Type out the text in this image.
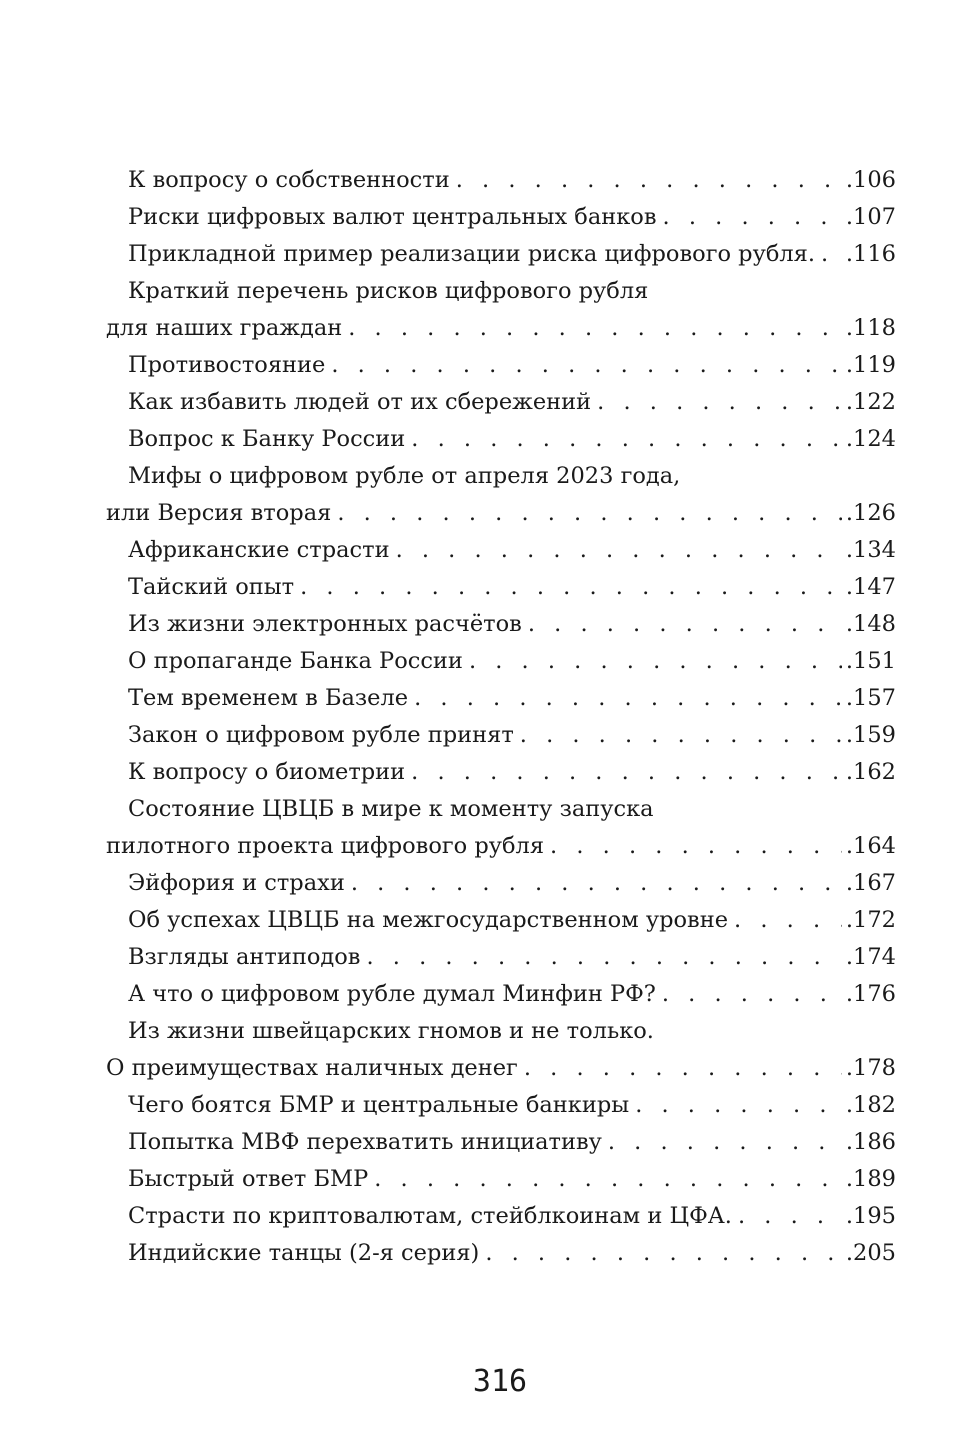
К вопросу о собственности . . .	.106
Риски цифровых валют центральных банков . . .	.107
Прикладной пример реализации риска цифрового рубля. . . . .116
Краткий перечень рисков цифрового рубля
для наших граждан . . .	.118
Противостояние . . .	.119
Как избавить людей от их сбережений . . .	.122
Вопрос к Банку России . . .	.124
Мифы о цифровом рубле от апреля 2023 года,
или Версия вторая . . .	.126
Африканские страсти . . .	.134
Тайский опыт . . .	.147
Из жизни электронных расчётов . . .	.148
О пропаганде Банка России . . .	.151
Тем временем в Базеле . . .	.157
Закон о цифровом рубле принят . . .	.159
К вопросу о биометрии . . .	.162
Состояние ЦВЦБ в мире к моменту запуска
пилотного проекта цифрового рубля . . .	.164
Эйфория и страхи . . .	.167
Об успехах ЦВЦБ на межгосударственном уровне . . .	.172
Взгляды антиподов . . .	.174
А что о цифровом рубле думал Минфин РФ? . . .	.176
Из жизни швейцарских гномов и не только.
О преимуществах наличных денег . . .	.178
Чего боятся БМР и центральные банкиры . . .	.182
Попытка МВФ перехватить инициативу . . .	.186
Быстрый ответ БМР . . .	.189
Страсти по криптовалютам, стейблкоинам и ЦФА. . . .	.195
Индийские танцы (2-я серия) . . .	.205
316
